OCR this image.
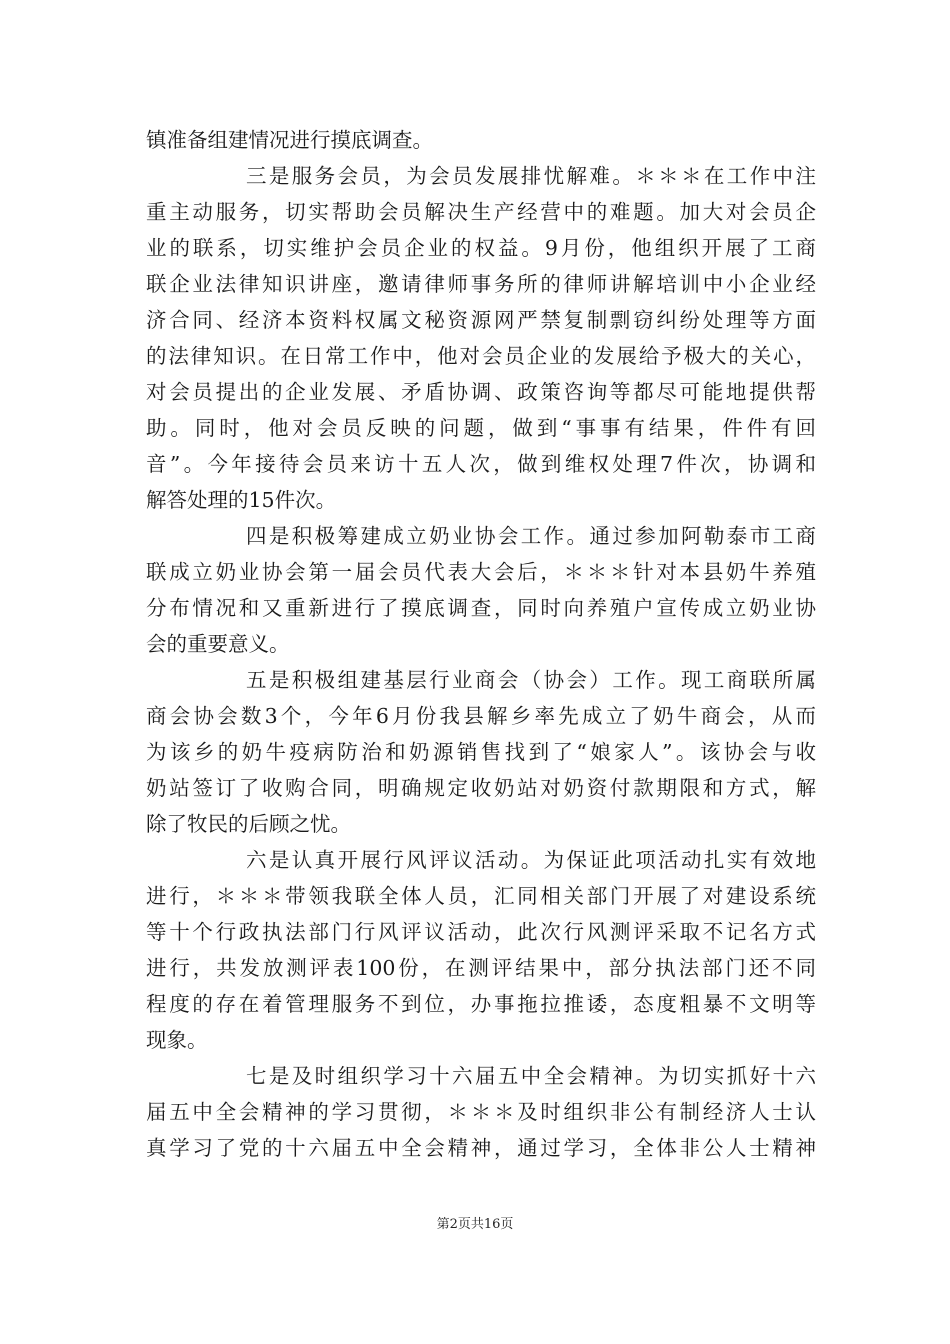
镇准备组建情况进行摸底调查。
三是服务会员，为会员发展排忧解难。＊＊＊在工作中注
重主动服务，切实帮助会员解决生产经营中的难题。加大对会员企
业的联系，切实维护会员企业的权益。9月份，他组织开展了工商
联企业法律知识讲座，邀请律师事务所的律师讲解培训中小企业经
济合同、经济本资料权属文秘资源网严禁复制剽窃纠纷处理等方面
的法律知识。在日常工作中，他对会员企业的发展给予极大的关心，
对会员提出的企业发展、矛盾协调、政策咨询等都尽可能地提供帮
助。同时，他对会员反映的问题，做到“事事有结果，件件有回
音”。今年接待会员来访十五人次，做到维权处理7件次，协调和
解答处理的15件次。
四是积极筹建成立奶业协会工作。通过参加阿勒泰市工商
联成立奶业协会第一届会员代表大会后，＊＊＊针对本县奶牛养殖
分布情况和又重新进行了摸底调查，同时向养殖户宣传成立奶业协
会的重要意义。
五是积极组建基层行业商会（协会）工作。现工商联所属
商会协会数3个，今年6月份我县解乡率先成立了奶牛商会，从而
为该乡的奶牛疫病防治和奶源销售找到了“娘家人”。该协会与收
奶站签订了收购合同，明确规定收奶站对奶资付款期限和方式，解
除了牧民的后顾之忧。
六是认真开展行风评议活动。为保证此项活动扎实有效地
进行，＊＊＊带领我联全体人员，汇同相关部门开展了对建设系统
等十个行政执法部门行风评议活动，此次行风测评采取不记名方式
进行，共发放测评表100份，在测评结果中，部分执法部门还不同
程度的存在着管理服务不到位，办事拖拉推诿，态度粗暴不文明等
现象。
七是及时组织学习十六届五中全会精神。为切实抓好十六
届五中全会精神的学习贯彻，＊＊＊及时组织非公有制经济人士认
真学习了党的十六届五中全会精神，通过学习，全体非公人士精神
第2页共16页
